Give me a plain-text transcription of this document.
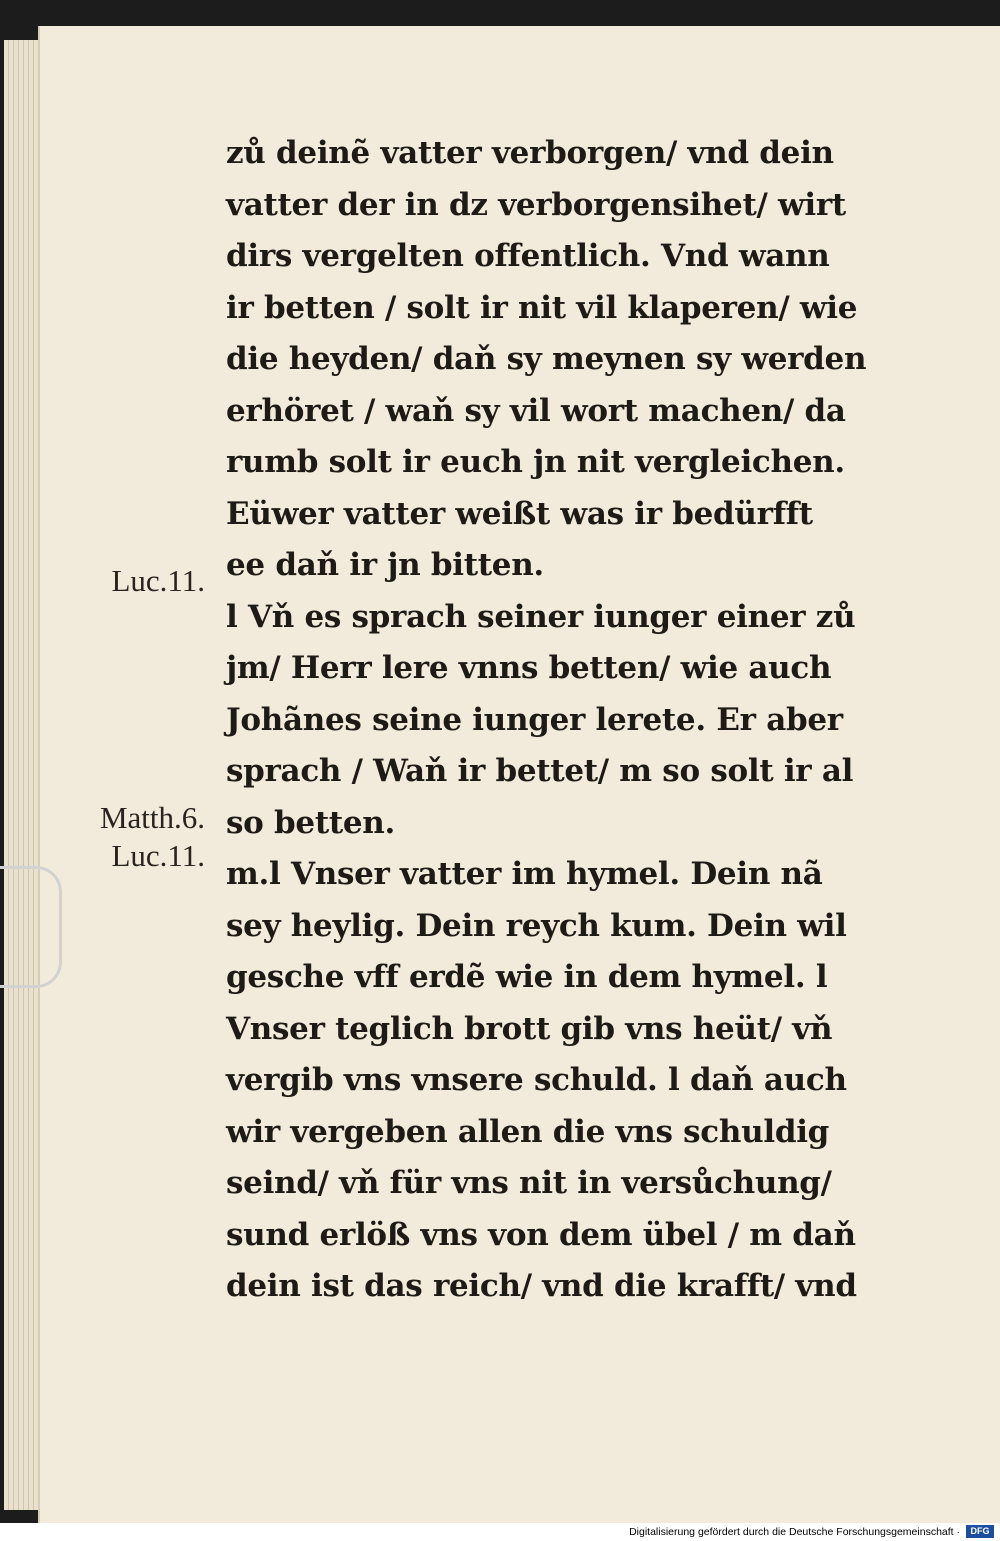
zů deinẽ vatter verborgen/ vnd dein
vatter der in dz verborgensihet/ wirt
dirs vergelten offentlich. Vnd wann
ir betten / solt ir nit vil klaperen/ wie
die heyden/ daň sy meynen sy werden
erhöret / waň sy vil wort machen/ da
rumb solt ir euch jn nit vergleichen.
Eüwer vatter weißt was ir bedürfft
ee daň ir jn bitten.
l Vň es sprach seiner iunger einer zů
jm/ Herr lere vnns betten/ wie auch
Johãnes seine iunger lerete. Er aber
sprach / Waň ir bettet/ m so solt ir al
so betten.
m.l Vnser vatter im hymel. Dein nã
sey heylig. Dein reych kum. Dein wil
gesche vff erdẽ wie in dem hymel. l
Vnser teglich brott gib vns heüt/ vň
vergib vns vnsere schuld. l daň auch
wir vergeben allen die vns schuldig
seind/ vň für vns nit in versůchung/
sund erlöß vns von dem übel / m daň
dein ist das reich/ vnd die krafft/ vnd
Luc.11.
Matth.6.
Luc.11.
Digitalisierung gefördert durch die Deutsche Forschungsgemeinschaft ·	DFG
